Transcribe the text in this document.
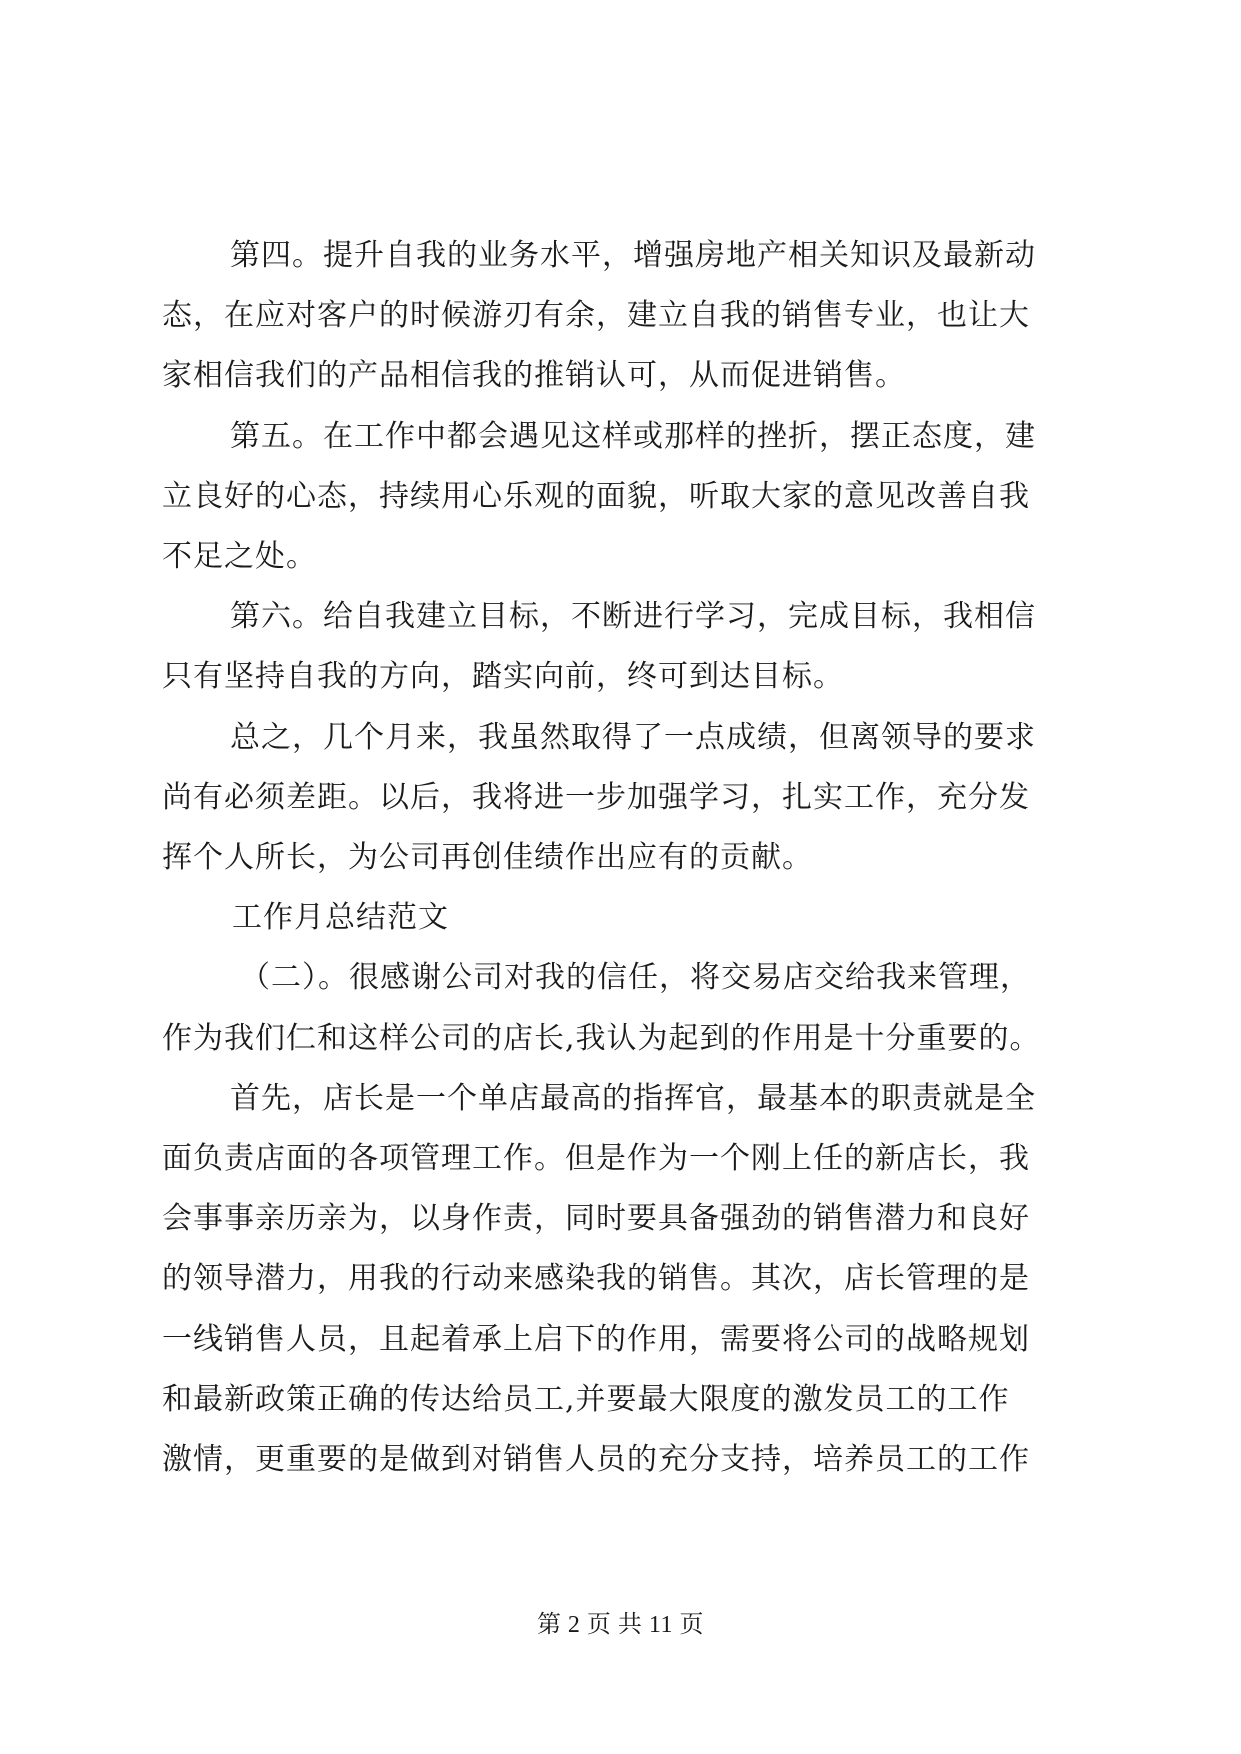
第四。提升自我的业务水平，增强房地产相关知识及最新动
态，在应对客户的时候游刃有余，建立自我的销售专业，也让大
家相信我们的产品相信我的推销认可，从而促进销售。

第五。在工作中都会遇见这样或那样的挫折，摆正态度，建
立良好的心态，持续用心乐观的面貌，听取大家的意见改善自我
不足之处。

第六。给自我建立目标，不断进行学习，完成目标，我相信
只有坚持自我的方向，踏实向前，终可到达目标。

总之，几个月来，我虽然取得了一点成绩，但离领导的要求
尚有必须差距。以后，我将进一步加强学习，扎实工作，充分发
挥个人所长，为公司再创佳绩作出应有的贡献。

工作月总结范文

（二）。很感谢公司对我的信任，将交易店交给我来管理，
作为我们仁和这样公司的店长,我认为起到的作用是十分重要的。

首先，店长是一个单店最高的指挥官，最基本的职责就是全
面负责店面的各项管理工作。但是作为一个刚上任的新店长，我
会事事亲历亲为，以身作责，同时要具备强劲的销售潜力和良好
的领导潜力，用我的行动来感染我的销售。其次，店长管理的是
一线销售人员，且起着承上启下的作用，需要将公司的战略规划
和最新政策正确的传达给员工,并要最大限度的激发员工的工作
激情，更重要的是做到对销售人员的充分支持，培养员工的工作

第 2 页 共 11 页
